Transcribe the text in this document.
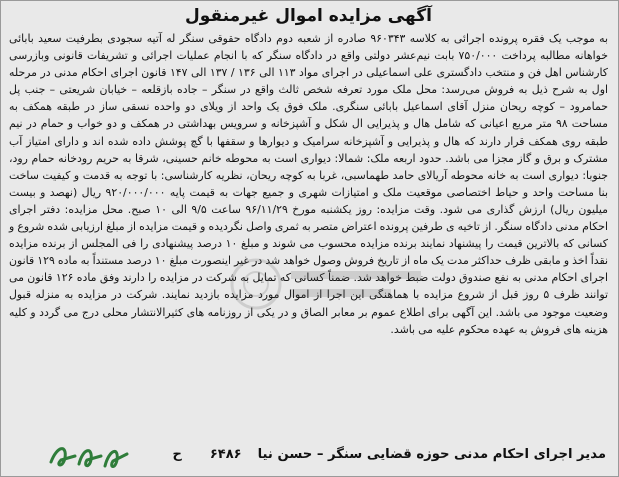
آگهی مزایده اموال غیرمنقول

به موجب یک فقره پرونده اجرائی به کلاسه ۹۶۰۳۴۳ صادره از شعبه دوم دادگاه حقوقی سنگر له آتیه سجودی بطرفیت سعید بابائی خواهانه مطالبه پرداخت ۷۵۰/۰۰۰ بابت نیم‌عشر دولتی واقع در دادگاه سنگر که با انجام عملیات اجرائی و تشریفات قانونی وبازرسی کارشناس اهل فن و منتخب دادگستری علی اسماعیلی در اجرای مواد ۱۱۳ الی ۱۳۶ / ۱۳۷ الی ۱۴۷ قانون اجرای احکام مدنی در مرحله اول به شرح ذیل به فروش می‌رسد: محل ملک مورد تعرفه شخص ثالث واقع در سنگر – جاده بازقلعه – خیابان شریعتی – جنب پل حمامرود – کوچه ریحان منزل آقای اسماعیل بابائی سنگری. ملک فوق یک واحد از ویلای دو واحده نسقی ساز در طبقه همکف به مساحت ۹۸ متر مربع اعیانی که شامل هال و پذیرایی ال شکل و آشپزخانه و سرویس بهداشتی در همکف و دو خواب و حمام در نیم طبقه روی همکف قرار دارند که هال و پذیرایی و آشپزخانه سرامیک و دیوارها و سقفها با گچ پوشش داده شده اند و دارای امتیاز آب مشترک و برق و گاز مجزا می باشد. حدود اربعه ملک: شمالا: دیواری است به محوطه خانم حسینی، شرقا به حریم رودخانه حمام رود، جنوبا: دیواری است به خانه محوطه آریالای حامد طهماسبی، غربا به کوچه ریحان، نظریه کارشناسی: با توجه به قدمت و کیفیت ساخت بنا مساحت واحد و حیاط اختصاصی موقعیت ملک و امتیازات شهری و جمیع جهات به قیمت پایه ۹۲۰/۰۰۰/۰۰۰ ریال (نهصد و بیست میلیون ریال) ارزش گذاری می شود. وقت مزایده: روز یکشنبه مورخ ۹۶/۱۱/۲۹ ساعت ۹/۵ الی ۱۰ صبح. محل مزایده: دفتر اجرای احکام مدنی دادگاه سنگر. از تاخیه ی طرفین پرونده اعتراض متصر به ثمری واصل نگردیده و قیمت مزایده از مبلغ ارزیابی شده شروع و کسانی که بالاترین قیمت را پیشنهاد نمایند برنده مزایده محسوب می شوند و مبلغ ۱۰ درصد پیشنهادی را فی المجلس از برنده مزایده نقداً اخذ و مابقی ظرف حداکثر مدت یک ماه از تاریخ فروش وصول خواهد شد در غیر اینصورت مبلغ ۱۰ درصد مستنداً به ماده ۱۲۹ قانون اجرای احکام مدنی به نفع صندوق دولت ضبط خواهد شد. ضمناً کسانی که تمایل به شرکت در مزایده را دارند وفق ماده ۱۲۶ قانون می توانند ظرف ۵ روز قبل از شروع مزایده با هماهنگی این اجرا از اموال مورد مزایده بازدید نمایند. شرکت در مزایده به منزله قبول وضعیت موجود می باشد. این آگهی برای اطلاع عموم بر معابر الصاق و در یکی از روزنامه های کثیرالانتشار محلی درج می گردد و کلیه هزینه های فروش به عهده محکوم علیه می باشد.

مدیر اجرای احکام مدنی حوزه قضایی سنگر – حسن نیا
۶۴۸۶
ح
